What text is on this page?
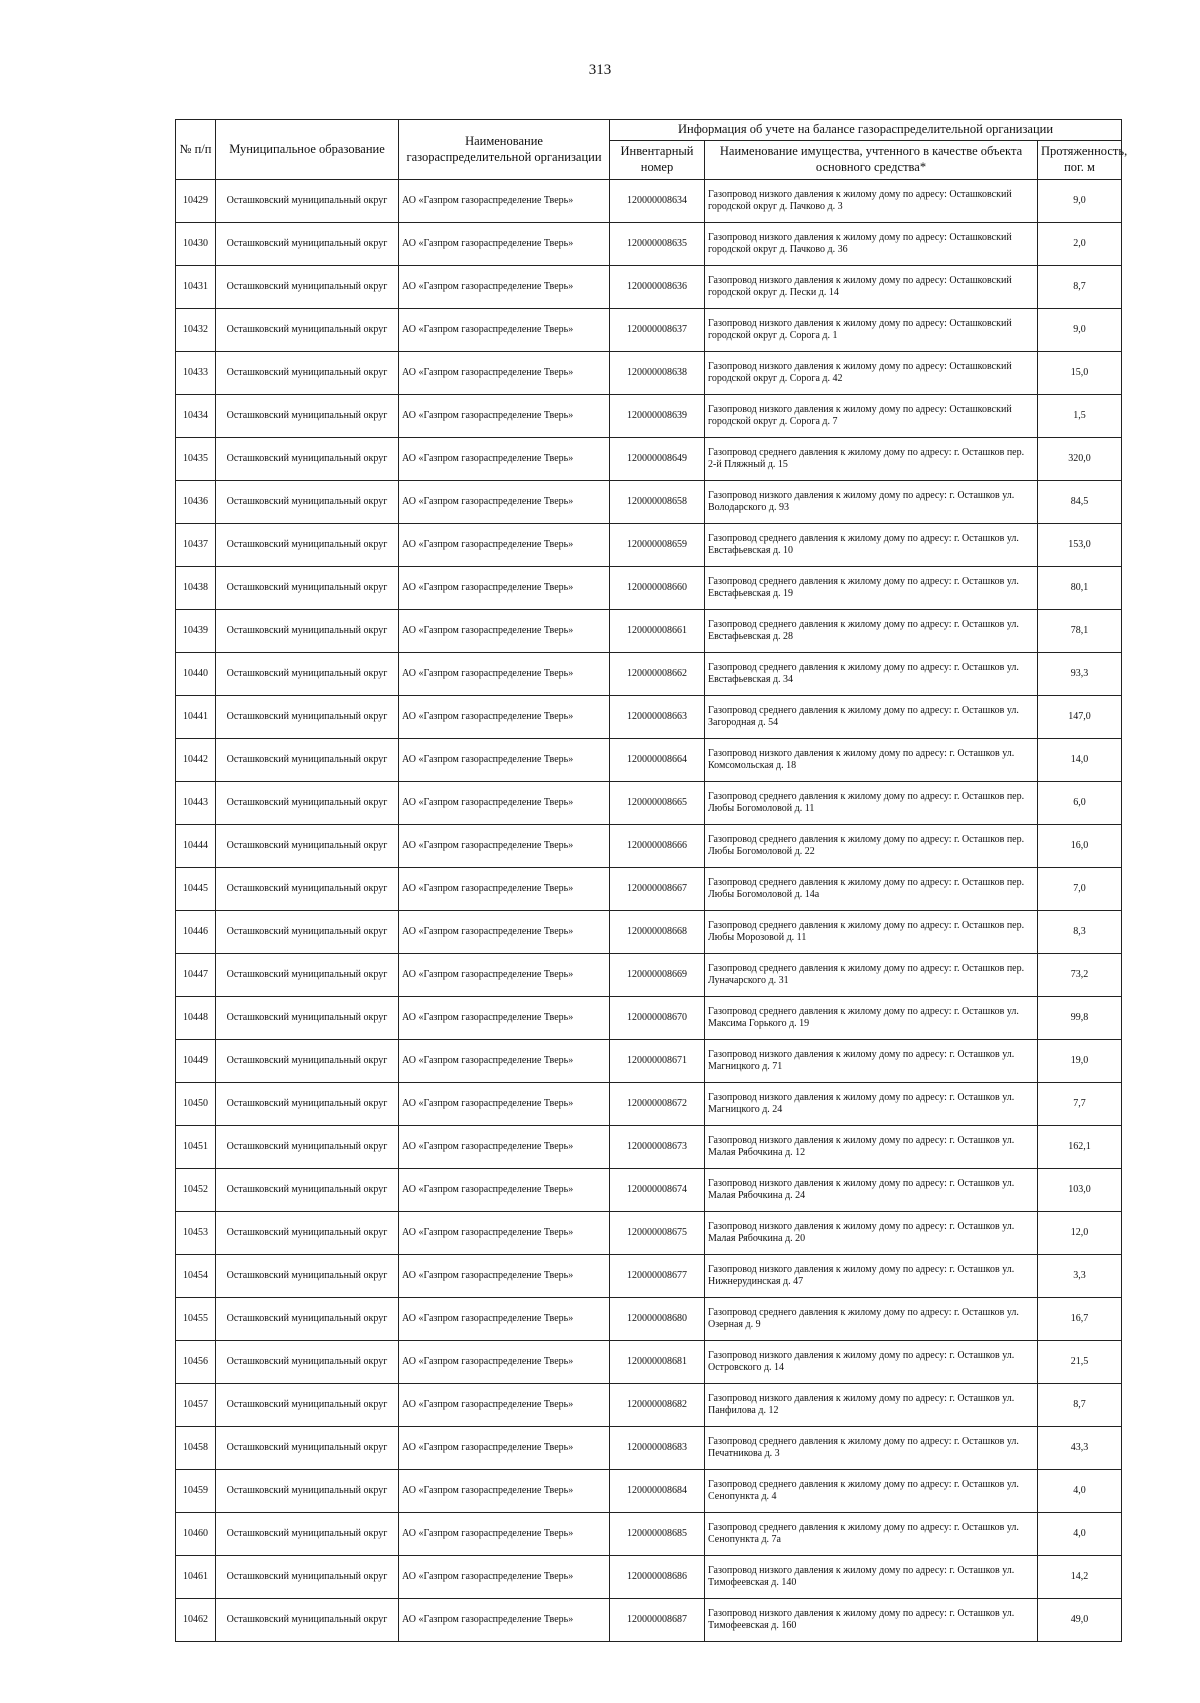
313
№ п/п	Муниципальное образование	Наименование газораспределительной организации	Информация об учете на балансе газораспределительной организации		
			Инвентарный номер	Наименование имущества, учтенного в качестве объекта основного средства*	Протяженность, пог. м
10429	Осташковский муниципальный округ	АО «Газпром газораспределение Тверь»	120000008634	Газопровод низкого давления к жилому дому по адресу: Осташковский городской округ д. Пачково д. 3	9,0
10430	Осташковский муниципальный округ	АО «Газпром газораспределение Тверь»	120000008635	Газопровод низкого давления к жилому дому по адресу: Осташковский городской округ д. Пачково д. 36	2,0
10431	Осташковский муниципальный округ	АО «Газпром газораспределение Тверь»	120000008636	Газопровод низкого давления к жилому дому по адресу: Осташковский городской округ д. Пески д. 14	8,7
10432	Осташковский муниципальный округ	АО «Газпром газораспределение Тверь»	120000008637	Газопровод низкого давления к жилому дому по адресу: Осташковский городской округ д. Сорога д. 1	9,0
10433	Осташковский муниципальный округ	АО «Газпром газораспределение Тверь»	120000008638	Газопровод низкого давления к жилому дому по адресу: Осташковский городской округ д. Сорога д. 42	15,0
10434	Осташковский муниципальный округ	АО «Газпром газораспределение Тверь»	120000008639	Газопровод низкого давления к жилому дому по адресу: Осташковский городской округ д. Сорога д. 7	1,5
10435	Осташковский муниципальный округ	АО «Газпром газораспределение Тверь»	120000008649	Газопровод среднего давления к жилому дому по адресу: г. Осташков пер. 2-й Пляжный д. 15	320,0
10436	Осташковский муниципальный округ	АО «Газпром газораспределение Тверь»	120000008658	Газопровод низкого давления к жилому дому по адресу: г. Осташков ул. Володарского д. 93	84,5
10437	Осташковский муниципальный округ	АО «Газпром газораспределение Тверь»	120000008659	Газопровод среднего давления к жилому дому по адресу: г. Осташков ул. Евстафьевская д. 10	153,0
10438	Осташковский муниципальный округ	АО «Газпром газораспределение Тверь»	120000008660	Газопровод среднего давления к жилому дому по адресу: г. Осташков ул. Евстафьевская д. 19	80,1
10439	Осташковский муниципальный округ	АО «Газпром газораспределение Тверь»	120000008661	Газопровод среднего давления к жилому дому по адресу: г. Осташков ул. Евстафьевская д. 28	78,1
10440	Осташковский муниципальный округ	АО «Газпром газораспределение Тверь»	120000008662	Газопровод среднего давления к жилому дому по адресу: г. Осташков ул. Евстафьевская д. 34	93,3
10441	Осташковский муниципальный округ	АО «Газпром газораспределение Тверь»	120000008663	Газопровод среднего давления к жилому дому по адресу: г. Осташков ул. Загородная д. 54	147,0
10442	Осташковский муниципальный округ	АО «Газпром газораспределение Тверь»	120000008664	Газопровод низкого давления к жилому дому по адресу: г. Осташков ул. Комсомольская д. 18	14,0
10443	Осташковский муниципальный округ	АО «Газпром газораспределение Тверь»	120000008665	Газопровод среднего давления к жилому дому по адресу: г. Осташков пер. Любы Богомоловой д. 11	6,0
10444	Осташковский муниципальный округ	АО «Газпром газораспределение Тверь»	120000008666	Газопровод среднего давления к жилому дому по адресу: г. Осташков пер. Любы Богомоловой д. 22	16,0
10445	Осташковский муниципальный округ	АО «Газпром газораспределение Тверь»	120000008667	Газопровод среднего давления к жилому дому по адресу: г. Осташков пер. Любы Богомоловой д. 14а	7,0
10446	Осташковский муниципальный округ	АО «Газпром газораспределение Тверь»	120000008668	Газопровод среднего давления к жилому дому по адресу: г. Осташков пер. Любы Морозовой д. 11	8,3
10447	Осташковский муниципальный округ	АО «Газпром газораспределение Тверь»	120000008669	Газопровод среднего давления к жилому дому по адресу: г. Осташков пер. Луначарского д. 31	73,2
10448	Осташковский муниципальный округ	АО «Газпром газораспределение Тверь»	120000008670	Газопровод среднего давления к жилому дому по адресу: г. Осташков ул. Максима Горького д. 19	99,8
10449	Осташковский муниципальный округ	АО «Газпром газораспределение Тверь»	120000008671	Газопровод низкого давления к жилому дому по адресу: г. Осташков ул. Магницкого д. 71	19,0
10450	Осташковский муниципальный округ	АО «Газпром газораспределение Тверь»	120000008672	Газопровод низкого давления к жилому дому по адресу: г. Осташков ул. Магницкого д. 24	7,7
10451	Осташковский муниципальный округ	АО «Газпром газораспределение Тверь»	120000008673	Газопровод низкого давления к жилому дому по адресу: г. Осташков ул. Малая Рябочкина д. 12	162,1
10452	Осташковский муниципальный округ	АО «Газпром газораспределение Тверь»	120000008674	Газопровод низкого давления к жилому дому по адресу: г. Осташков ул. Малая Рябочкина д. 24	103,0
10453	Осташковский муниципальный округ	АО «Газпром газораспределение Тверь»	120000008675	Газопровод низкого давления к жилому дому по адресу: г. Осташков ул. Малая Рябочкина д. 20	12,0
10454	Осташковский муниципальный округ	АО «Газпром газораспределение Тверь»	120000008677	Газопровод низкого давления к жилому дому по адресу: г. Осташков ул. Нижнерудинская д. 47	3,3
10455	Осташковский муниципальный округ	АО «Газпром газораспределение Тверь»	120000008680	Газопровод среднего давления к жилому дому по адресу: г. Осташков ул. Озерная д. 9	16,7
10456	Осташковский муниципальный округ	АО «Газпром газораспределение Тверь»	120000008681	Газопровод низкого давления к жилому дому по адресу: г. Осташков ул. Островского д. 14	21,5
10457	Осташковский муниципальный округ	АО «Газпром газораспределение Тверь»	120000008682	Газопровод низкого давления к жилому дому по адресу: г. Осташков ул. Панфилова д. 12	8,7
10458	Осташковский муниципальный округ	АО «Газпром газораспределение Тверь»	120000008683	Газопровод среднего давления к жилому дому по адресу: г. Осташков ул. Печатникова д. 3	43,3
10459	Осташковский муниципальный округ	АО «Газпром газораспределение Тверь»	120000008684	Газопровод среднего давления к жилому дому по адресу: г. Осташков ул. Сенопункта д. 4	4,0
10460	Осташковский муниципальный округ	АО «Газпром газораспределение Тверь»	120000008685	Газопровод среднего давления к жилому дому по адресу: г. Осташков ул. Сенопункта д. 7а	4,0
10461	Осташковский муниципальный округ	АО «Газпром газораспределение Тверь»	120000008686	Газопровод низкого давления к жилому дому по адресу: г. Осташков ул. Тимофеевская д. 140	14,2
10462	Осташковский муниципальный округ	АО «Газпром газораспределение Тверь»	120000008687	Газопровод низкого давления к жилому дому по адресу: г. Осташков ул. Тимофеевская д. 160	49,0
